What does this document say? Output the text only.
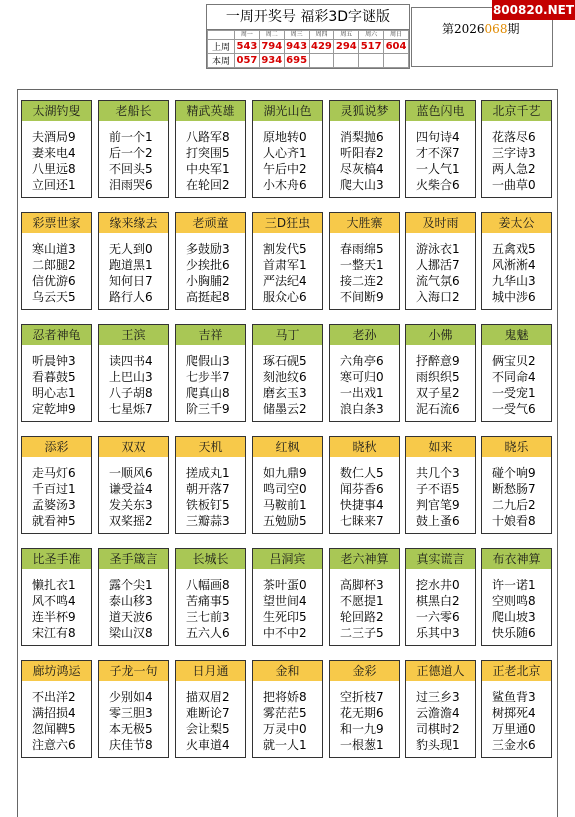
一周开奖号 福彩3D字谜版
	周一	周二	周三	周四	周五	周六	周日
上周	543	794	943	429	294	517	604
本周	057	934	695				
第2026068期
800820.NET
太湖钓叟
夫酒局9
妻来电4
八里远8
立回还1
老船长
前一个1
后一个2
不回头5
泪雨哭6
精武英雄
八路军8
打突围5
中央军1
在轮回2
湖光山色
原地转0
人心齐1
午后中2
小木舟6
灵狐说梦
消梨抛6
听阳春2
尽灰槁4
爬大山3
蓝色闪电
四句诗4
才不深7
一人气1
火柴合6
北京千艺
花落尽6
三字诗3
两人急2
一曲草0
彩票世家
寒山道3
二郎腿2
信优游6
乌云天5
缘来缘去
无人到0
跑道黑1
知何日7
路行人6
老顽童
多鼓励3
少挨批6
小胸脯2
高挺起8
三D狂虫
割发代5
首肃军1
严法纪4
服众心6
大胜寨
春雨绵5
一整天1
接二连2
不间断9
及时雨
游泳衣1
人挪活7
流气氛6
入海口2
姜太公
五禽戏5
风淅淅4
九华山3
城中涉6
忍者神龟
听晨钟3
看暮鼓5
明心志1
定乾坤9
王滨
读四书4
上巴山3
八子胡8
七星烁7
吉祥
爬假山3
七步半7
爬真山8
阶三千9
马丁
琢石砚5
刻池纹6
磨玄玉3
储墨云2
老孙
六角亭6
寒可归0
一出戏1
浪白条3
小佛
抒醉意9
雨织织5
双子星2
泥石流6
鬼魅
俩宝贝2
不同命4
一受宠1
一受气6
添彩
走马灯6
千百过1
孟婆汤3
就看神5
双双
一顺风6
谦受益4
发关东3
双桨摇2
天机
搓成丸1
朝开落7
铁板钉5
三瓣蒜3
红枫
如九鼎9
鸣司空0
马鞍前1
五勉励5
晓秋
数仁人5
闻芬香6
快捷事4
七睐来7
如来
共几个3
子不语5
判官笔9
鼓上蚤6
晓乐
碰个响9
断愁肠7
二九后2
十娘看8
比圣手准
懒扎衣1
风不鸣4
连半杯9
宋江有8
圣手箴言
露个尖1
泰山移3
道天波6
梁山汉8
长城长
八幅画8
苦痛事5
三七前3
五六人6
吕洞宾
茶叶蛋0
望世间4
生死印5
中不中2
老六神算
高脚杯3
不愿提1
轮回路2
二三子5
真实谎言
挖水井0
棋黑白2
一六零6
乐其中3
布衣神算
许一诺1
空则鸣8
爬山坡3
快乐随6
廊坊鸿运
不出洋2
满招损4
忽闻鞞5
注意六6
子龙一句
少别如4
零三胆3
本无极5
庆佳节8
日月通
描双眉2
难断论7
会让梨5
火車道4
金和
把将娇8
雾茫茫5
万灵中0
就一人1
金彩
空折枝7
花无期6
和一九9
一根葱1
正德道人
过三乡3
云澹澹4
司棋时2
豹头现1
正老北京
鲨鱼背3
树掷死4
万里通0
三金水6
